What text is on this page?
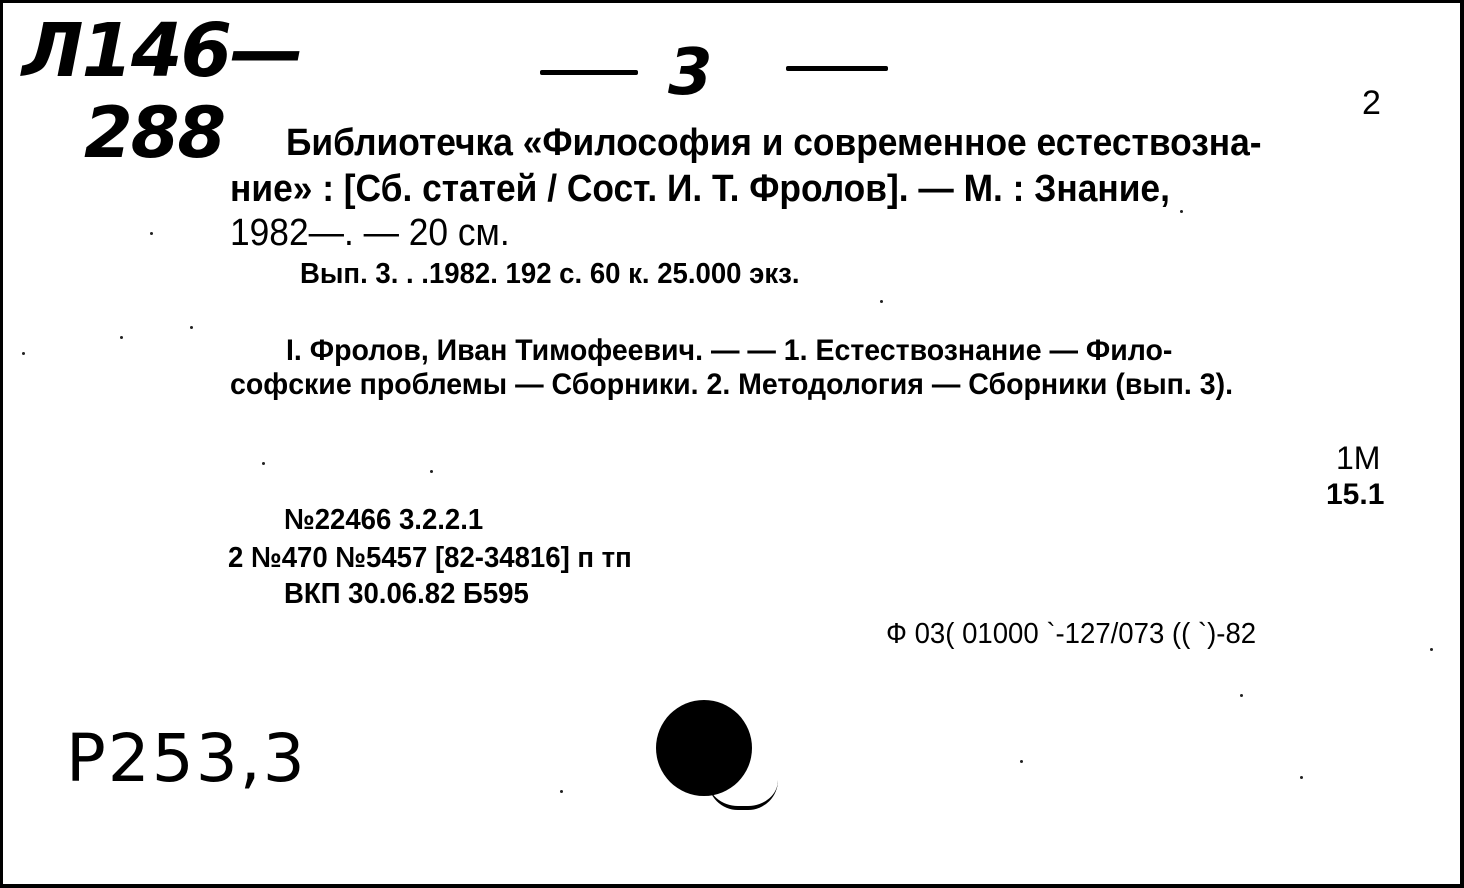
Л146—
288
3	2
Библиотечка «Философия и современное естествозна-
ние» : [Сб. статей / Сост. И. Т. Фролов]. — М. : Знание,
1982—. — 20 см.
Вып. 3. . .1982. 192 с. 60 к. 25.000 экз.
I. Фролов, Иван Тимофеевич. — — 1. Естествознание — Фило-
софские проблемы — Сборники. 2. Методология — Сборники (вып. 3).
1М
15.1
№22466 3.2.2.1
2 №470 №5457 [82-34816] п тп
ВКП 30.06.82 Б595
Ф 03( 01000 `-127/073 (( `)-82
Р253,3
